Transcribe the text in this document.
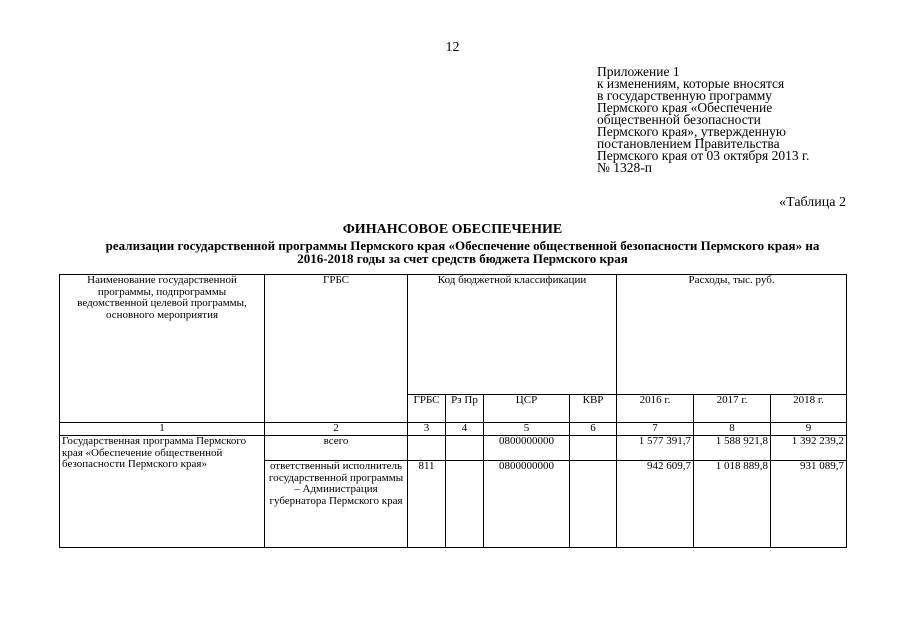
12
Приложение 1
к изменениям, которые вносятся
в государственную программу
Пермского края «Обеспечение
общественной безопасности
Пермского края», утвержденную
постановлением Правительства
Пермского края от 03 октября 2013 г.
№ 1328-п
«Таблица 2
ФИНАНСОВОЕ ОБЕСПЕЧЕНИЕ
реализации государственной программы Пермского края «Обеспечение общественной безопасности Пермского края» на 2016-2018 годы за счет средств бюджета Пермского края
Наименование государственной программы, подпрограммы ведомственной целевой программы, основного мероприятия	ГРБС	Код бюджетной классификации				Расходы, тыс. руб.		
		ГРБС	Рз Пр	ЦСР	КВР	2016 г.	2017 г.	2018 г.
1	2	3	4	5	6	7	8	9
Государственная программа Пермского края «Обеспечение общественной безопасности Пермского края»	всего			0800000000		1 577 391,7	1 588 921,8	1 392 239,2
	ответственный исполнитель государственной программы – Администрация губернатора Пермского края	811		0800000000		942 609,7	1 018 889,8	931 089,7
